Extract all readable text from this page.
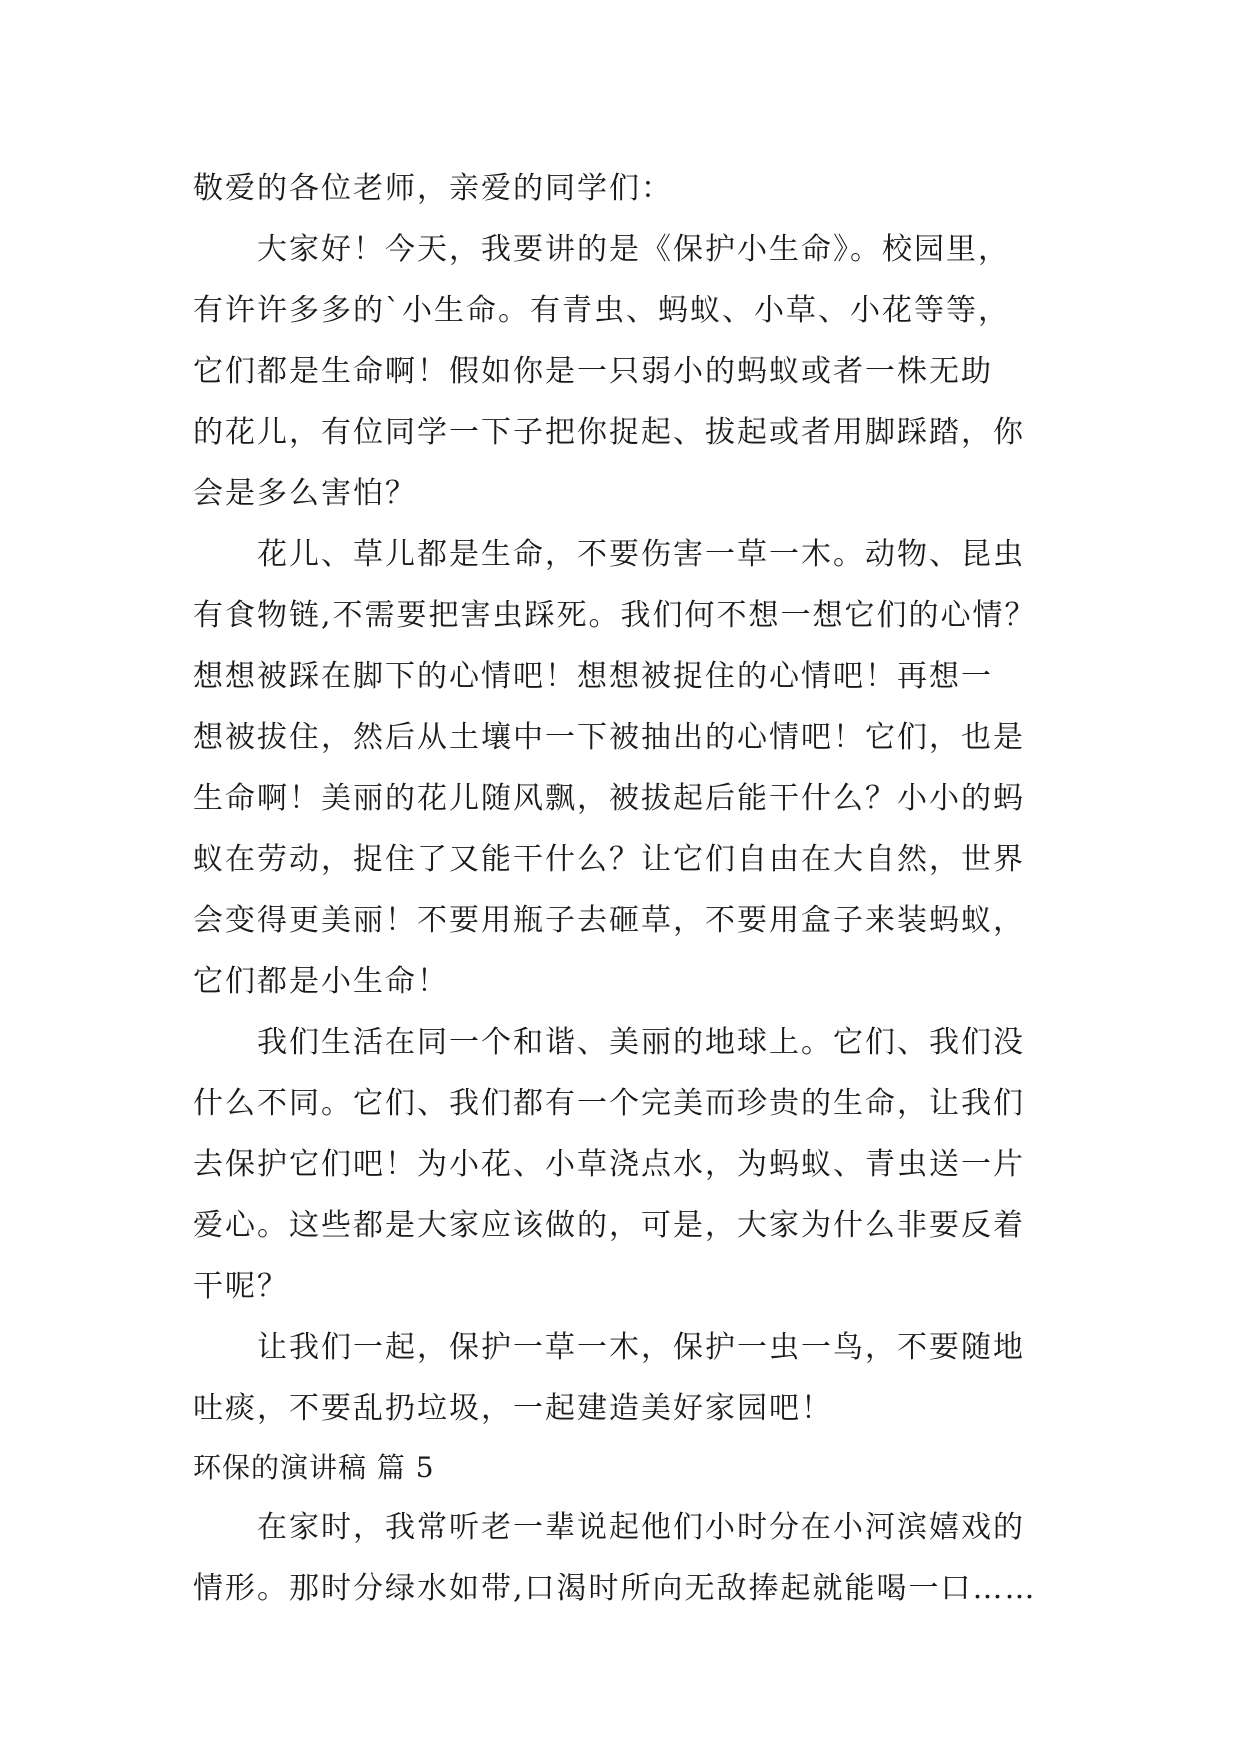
敬爱的各位老师，亲爱的同学们：
大家好！今天，我要讲的是《保护小生命》。校园里，
有许许多多的`小生命。有青虫、蚂蚁、小草、小花等等，
它们都是生命啊！假如你是一只弱小的蚂蚁或者一株无助
的花儿，有位同学一下子把你捉起、拔起或者用脚踩踏，你
会是多么害怕？
花儿、草儿都是生命，不要伤害一草一木。动物、昆虫
有食物链,不需要把害虫踩死。我们何不想一想它们的心情？
想想被踩在脚下的心情吧！想想被捉住的心情吧！再想一
想被拔住，然后从土壤中一下被抽出的心情吧！它们，也是
生命啊！美丽的花儿随风飘，被拔起后能干什么？小小的蚂
蚁在劳动，捉住了又能干什么？让它们自由在大自然，世界
会变得更美丽！不要用瓶子去砸草，不要用盒子来装蚂蚁，
它们都是小生命！
我们生活在同一个和谐、美丽的地球上。它们、我们没
什么不同。它们、我们都有一个完美而珍贵的生命，让我们
去保护它们吧！为小花、小草浇点水，为蚂蚁、青虫送一片
爱心。这些都是大家应该做的，可是，大家为什么非要反着
干呢？
让我们一起，保护一草一木，保护一虫一鸟，不要随地
吐痰，不要乱扔垃圾，一起建造美好家园吧！
环保的演讲稿 篇 5
在家时，我常听老一辈说起他们小时分在小河滨嬉戏的
情形。那时分绿水如带,口渴时所向无敌捧起就能喝一口……
